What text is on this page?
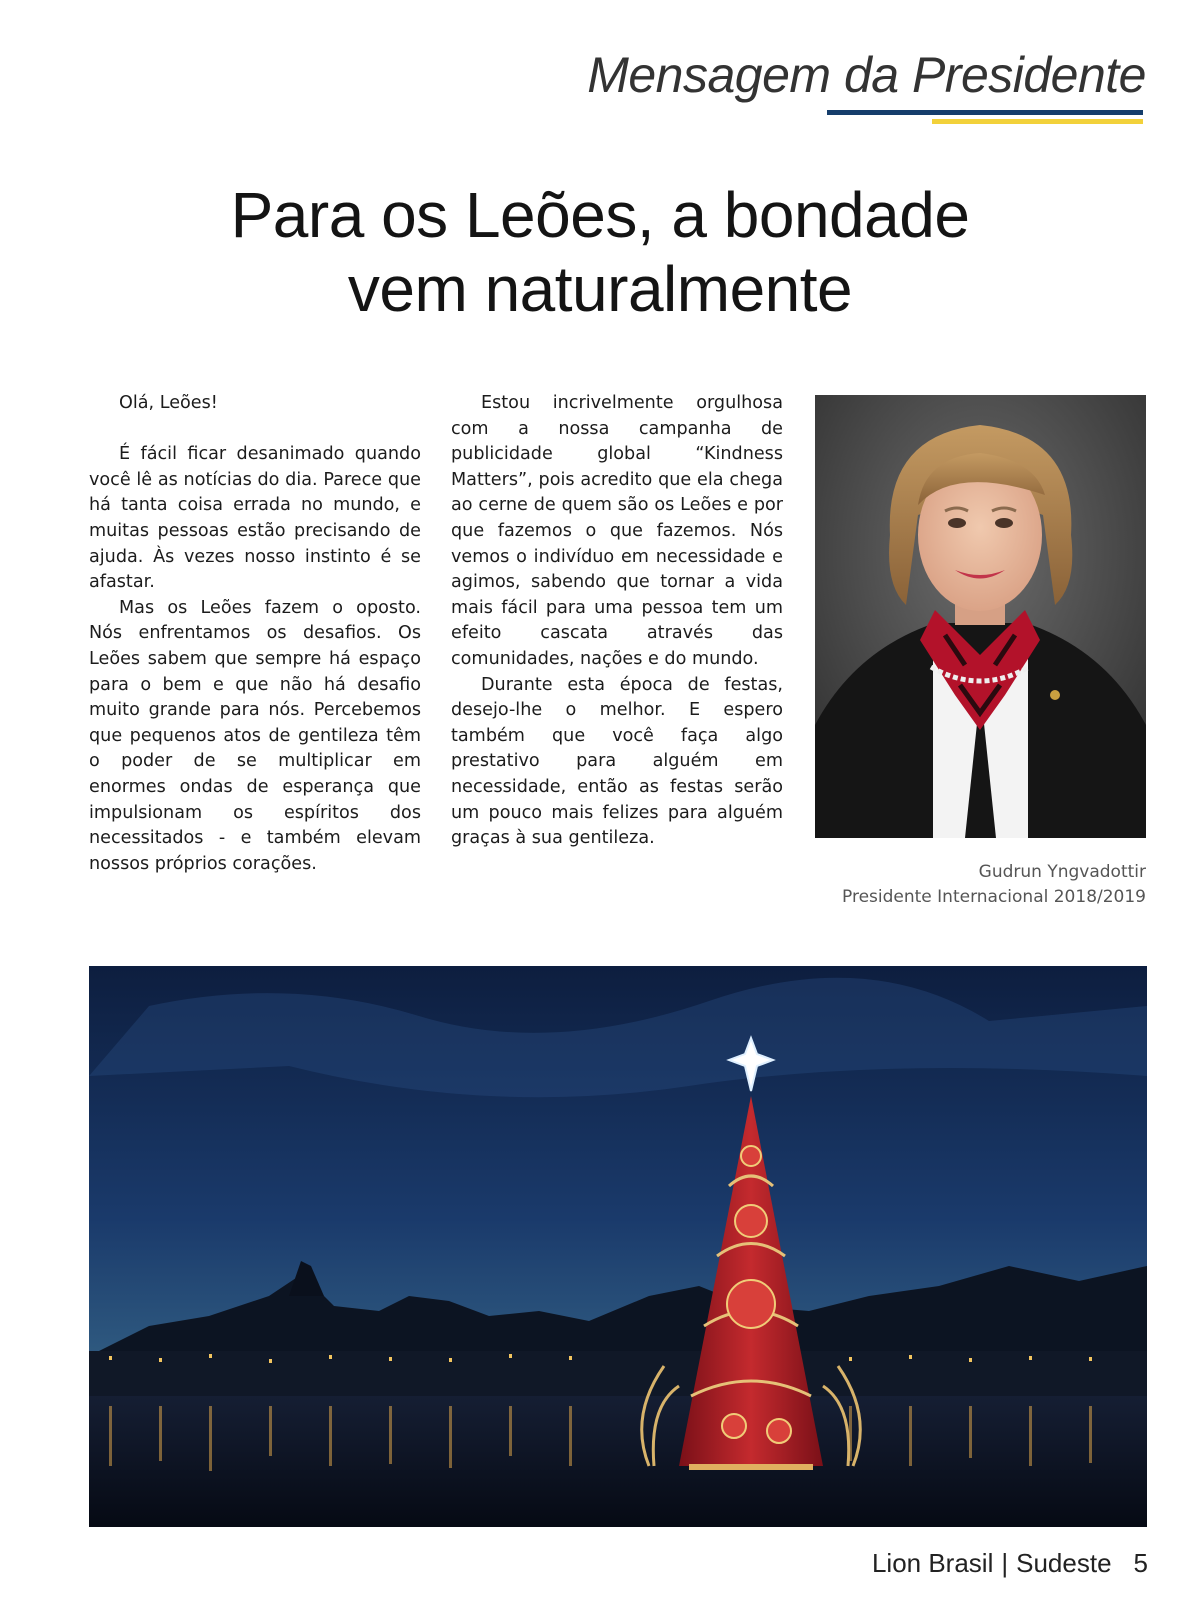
Mensagem da Presidente
Para os Leões, a bondade
vem naturalmente

Olá, Leões!

É fácil ficar desanimado quando você lê as notícias do dia. Parece que há tanta coisa errada no mundo, e muitas pessoas estão precisando de ajuda. Às vezes nosso instinto é se afastar.

Mas os Leões fazem o oposto. Nós enfrentamos os desafios. Os Leões sabem que sempre há espaço para o bem e que não há desafio muito grande para nós. Percebemos que pequenos atos de gentileza têm o poder de se multiplicar em enormes ondas de esperança que impulsionam os espíritos dos necessitados - e também elevam nossos próprios corações.

Estou incrivelmente orgulhosa com a nossa campanha de publicidade global “Kindness Matters”, pois acredito que ela chega ao cerne de quem são os Leões e por que fazemos o que fazemos. Nós vemos o indivíduo em necessidade e agimos, sabendo que tornar a vida mais fácil para uma pessoa tem um efeito cascata através das comunidades, nações e do mundo.

Durante esta época de festas, desejo-lhe o melhor. E espero também que você faça algo prestativo para alguém em necessidade, então as festas serão um pouco mais felizes para alguém graças à sua gentileza.

Gudrun Yngvadottir
Presidente Internacional 2018/2019
Lion Brasil | Sudeste 5
